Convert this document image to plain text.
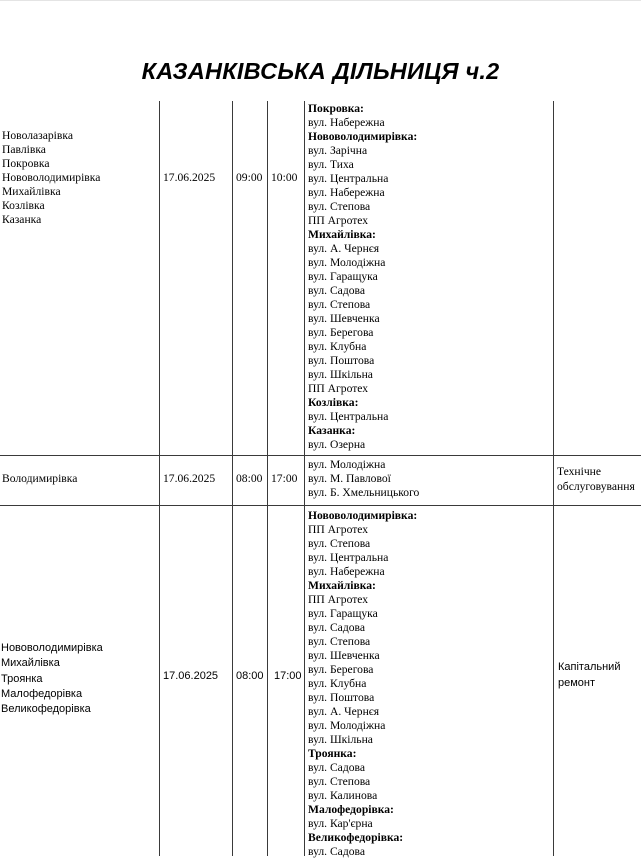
КАЗАНКІВСЬКА ДІЛЬНИЦЯ ч.2
Новолазарівка
Павлівка
Покровка
Нововолодимирівка
Михайлівка
Козлівка
Казанка
17.06.2025 09:00 10:00
Покровка:
вул. Набережна
Нововолодимирівка:
вул. Зарічна
вул. Тиха
вул. Центральна
вул. Набережна
вул. Степова
ПП Агротех
Михайлівка:
вул. А. Чернєя
вул. Молодіжна
вул. Гаращука
вул. Садова
вул. Степова
вул. Шевченка
вул. Берегова
вул. Клубна
вул. Поштова
вул. Шкільна
ПП Агротех
Козлівка:
вул. Центральна
Казанка:
вул. Озерна
Володимирівка	17.06.2025 08:00 17:00
вул. Молодіжна
вул. М. Павлової
вул. Б. Хмельницького
Технічне
обслуговування
Нововолодимирівка
Михайлівка
Троянка
Малофедорівка
Великофедорівка
17.06.2025 08:00 17:00
Нововолодимирівка:
ПП Агротех
вул. Степова
вул. Центральна
вул. Набережна
Михайлівка:
ПП Агротех
вул. Гаращука
вул. Садова
вул. Степова
вул. Шевченка
вул. Берегова
вул. Клубна
вул. Поштова
вул. А. Чернєя
вул. Молодіжна
вул. Шкільна
Троянка:
вул. Садова
вул. Степова
вул. Калинова
Малофедорівка:
вул. Кар'єрна
Великофедорівка:
вул. Садова
Капітальний
ремонт
